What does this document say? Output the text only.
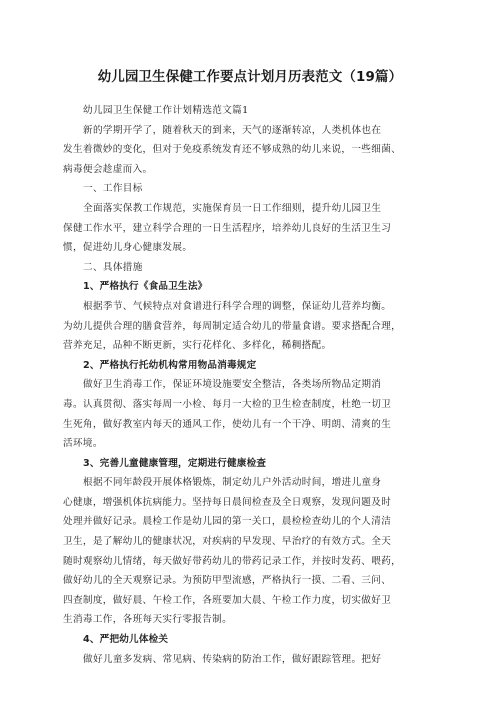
幼儿园卫生保健工作要点计划月历表范文（19篇）
幼儿园卫生保健工作计划精选范文篇1
新的学期开学了，随着秋天的到来，天气的逐渐转凉，人类机体也在
发生着微妙的变化，但对于免疫系统发育还不够成熟的幼儿来说，一些细菌、
病毒便会趁虚而入。
一、工作目标
全面落实保教工作规范，实施保育员一日工作细则，提升幼儿园卫生
保健工作水平，建立科学合理的一日生活程序，培养幼儿良好的生活卫生习
惯，促进幼儿身心健康发展。
二、具体措施
1、严格执行《食品卫生法》
根据季节、气候特点对食谱进行科学合理的调整，保证幼儿营养均衡。
为幼儿提供合理的膳食营养，每周制定适合幼儿的带量食谱。要求搭配合理，
营养充足，品种不断更新，实行花样化、多样化，稀稠搭配。
2、严格执行托幼机构常用物品消毒规定
做好卫生消毒工作，保证环境设施要安全整洁，各类场所物品定期消
毒。认真贯彻、落实每周一小检、每月一大检的卫生检查制度，杜绝一切卫
生死角，做好教室内每天的通风工作，使幼儿有一个干净、明朗、清爽的生
活环境。
3、完善儿童健康管理，定期进行健康检查
根据不同年龄段开展体格锻炼，制定幼儿户外活动时间，增进儿童身
心健康，增强机体抗病能力。坚持每日晨间检查及全日观察，发现问题及时
处理并做好记录。晨检工作是幼儿园的第一关口，晨检检查幼儿的个人清洁
卫生，是了解幼儿的健康状况，对疾病的早发现、早治疗的有效方式。全天
随时观察幼儿情绪，每天做好带药幼儿的带药记录工作，并按时发药、喂药，
做好幼儿的全天观察记录。为预防甲型流感，严格执行一摸、二看、三问、
四查制度，做好晨、午检工作，各班要加大晨、午检工作力度，切实做好卫
生消毒工作，各班每天实行零报告制。
4、严把幼儿体检关
做好儿童多发病、常见病、传染病的防治工作，做好跟踪管理。把好
